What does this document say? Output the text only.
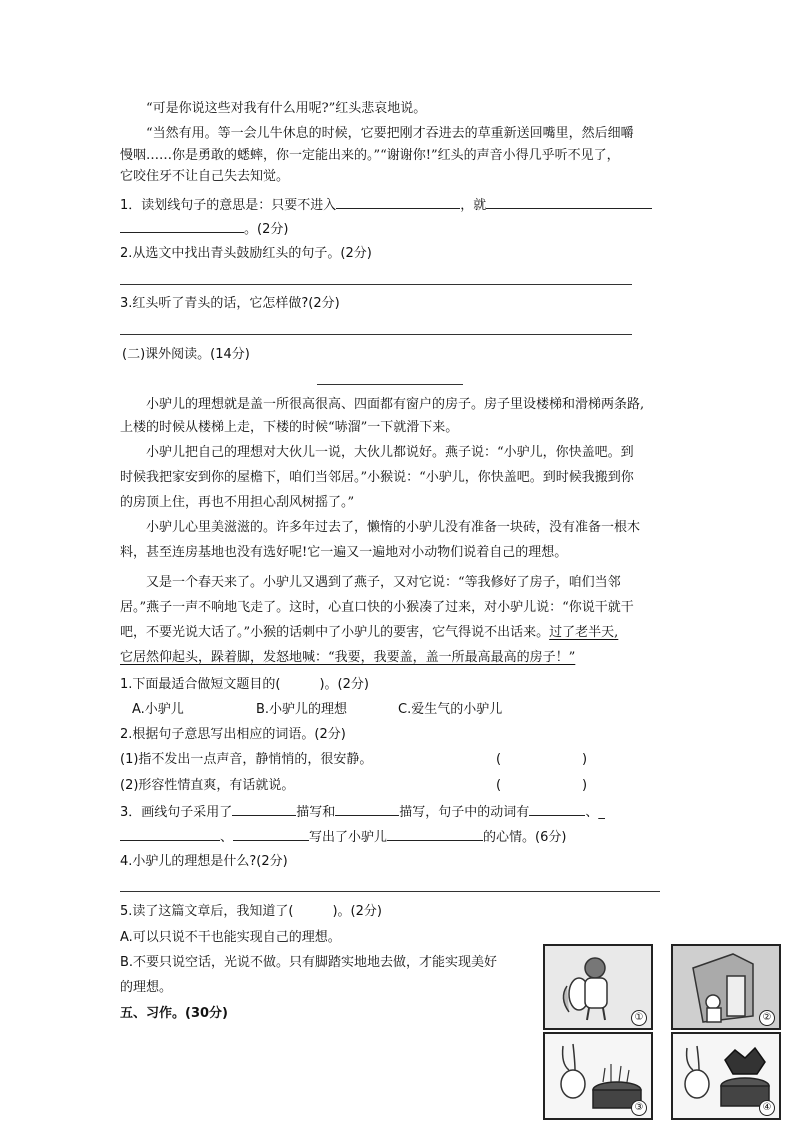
“可是你说这些对我有什么用呢?”红头悲哀地说。
“当然有用。等一会儿牛休息的时候，它要把刚才吞进去的草重新送回嘴里，然后细嚼
慢咽……你是勇敢的蟋蟀，你一定能出来的。”“谢谢你!”红头的声音小得几乎听不见了，
它咬住牙不让自己失去知觉。
1．读划线句子的意思是：只要不进入	，就
。(2分)
2.从选文中找出青头鼓励红头的句子。(2分)
3.红头听了青头的话，它怎样做?(2分)
(二)课外阅读。(14分)
小驴儿的理想就是盖一所很高很高、四面都有窗户的房子。房子里设楼梯和滑梯两条路,
上楼的时候从楼梯上走，下楼的时候“哧溜”一下就滑下来。
小驴儿把自己的理想对大伙儿一说，大伙儿都说好。燕子说：“小驴儿，你快盖吧。到
时候我把家安到你的屋檐下，咱们当邻居。”小猴说：“小驴儿，你快盖吧。到时候我搬到你
的房顶上住，再也不用担心刮风树摇了。”
小驴儿心里美滋滋的。许多年过去了，懒惰的小驴儿没有准备一块砖，没有准备一根木
料，甚至连房基地也没有选好呢!它一遍又一遍地对小动物们说着自己的理想。
又是一个春天来了。小驴儿又遇到了燕子，又对它说：“等我修好了房子，咱们当邻
居。”燕子一声不响地飞走了。这时，心直口快的小猴凑了过来，对小驴儿说：“你说干就干
吧，不要光说大话了。”小猴的话刺中了小驴儿的要害，它气得说不出话来。过了老半天,
它居然仰起头，跺着脚，发怒地喊：“我要，我要盖，盖一所最高最高的房子！”
1.下面最适合做短文题目的(　　　)。(2分)
A.小驴儿	B.小驴儿的理想	C.爱生气的小驴儿
2.根据句子意思写出相应的词语。(2分)
(1)指不发出一点声音，静悄悄的，很安静。	(	)
(2)形容性情直爽，有话就说。	(	)
3．画线句子采用了	描写和	描写，句子中的动词有	、_
、	写出了小驴儿	的心情。(6分)
4.小驴儿的理想是什么?(2分)
5.读了这篇文章后，我知道了(　　　)。(2分)
A.可以只说不干也能实现自己的理想。
B.不要只说空话，光说不做。只有脚踏实地地去做，才能实现美好
的理想。
五、习作。(30分)	①	②
③	④
